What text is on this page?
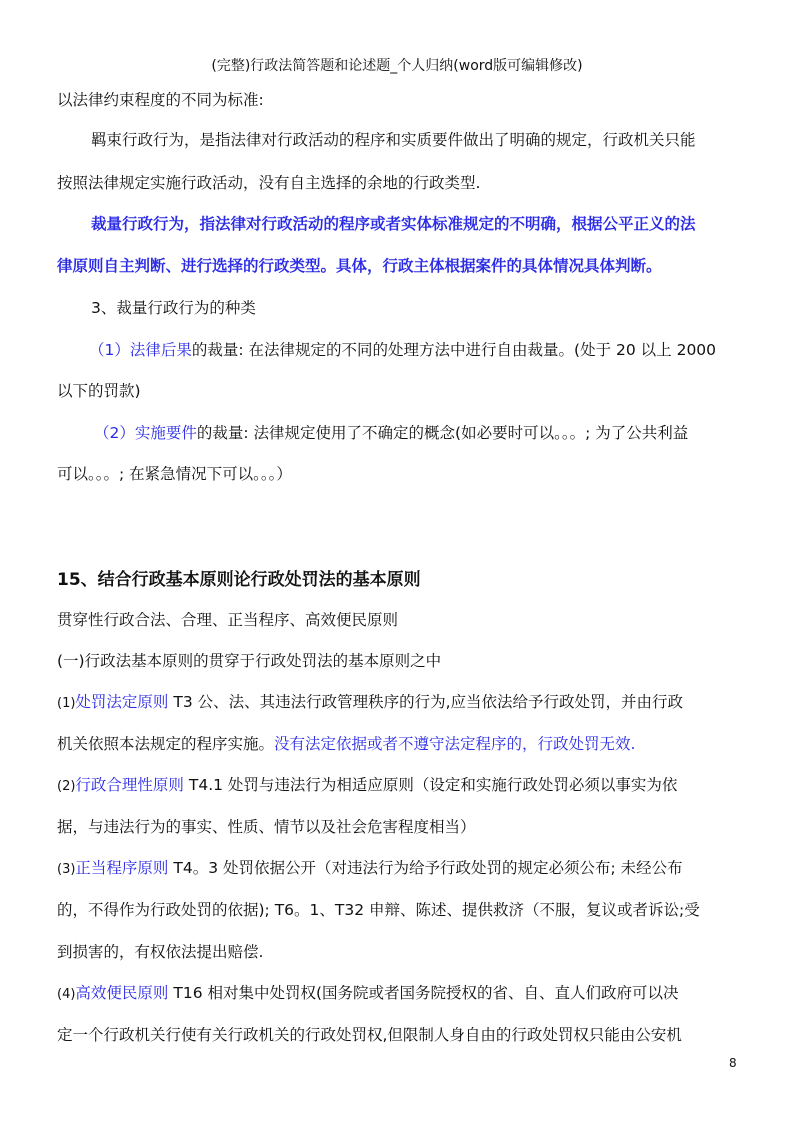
(完整)行政法简答题和论述题_个人归纳(word版可编辑修改)
以法律约束程度的不同为标准:
羁束行政行为，是指法律对行政活动的程序和实质要件做出了明确的规定，行政机关只能
按照法律规定实施行政活动，没有自主选择的余地的行政类型.
裁量行政行为，指法律对行政活动的程序或者实体标准规定的不明确，根据公平正义的法
律原则自主判断、进行选择的行政类型。具体，行政主体根据案件的具体情况具体判断。
3、裁量行政行为的种类
（1）法律后果的裁量: 在法律规定的不同的处理方法中进行自由裁量。(处于 20 以上 2000
以下的罚款)
（2）实施要件的裁量: 法律规定使用了不确定的概念(如必要时可以。。。; 为了公共利益
可以。。。; 在紧急情况下可以。。。）
15、结合行政基本原则论行政处罚法的基本原则
贯穿性行政合法、合理、正当程序、高效便民原则
(一)行政法基本原则的贯穿于行政处罚法的基本原则之中
(1)处罚法定原则 T3 公、法、其违法行政管理秩序的行为,应当依法给予行政处罚，并由行政
机关依照本法规定的程序实施。没有法定依据或者不遵守法定程序的，行政处罚无效.
(2)行政合理性原则 T4.1 处罚与违法行为相适应原则（设定和实施行政处罚必须以事实为依
据，与违法行为的事实、性质、情节以及社会危害程度相当）
(3)正当程序原则 T4。3 处罚依据公开（对违法行为给予行政处罚的规定必须公布; 未经公布
的，不得作为行政处罚的依据); T6。1、T32 申辩、陈述、提供救济（不服，复议或者诉讼;受
到损害的，有权依法提出赔偿.
(4)高效便民原则 T16 相对集中处罚权(国务院或者国务院授权的省、自、直人们政府可以决
定一个行政机关行使有关行政机关的行政处罚权,但限制人身自由的行政处罚权只能由公安机
8
